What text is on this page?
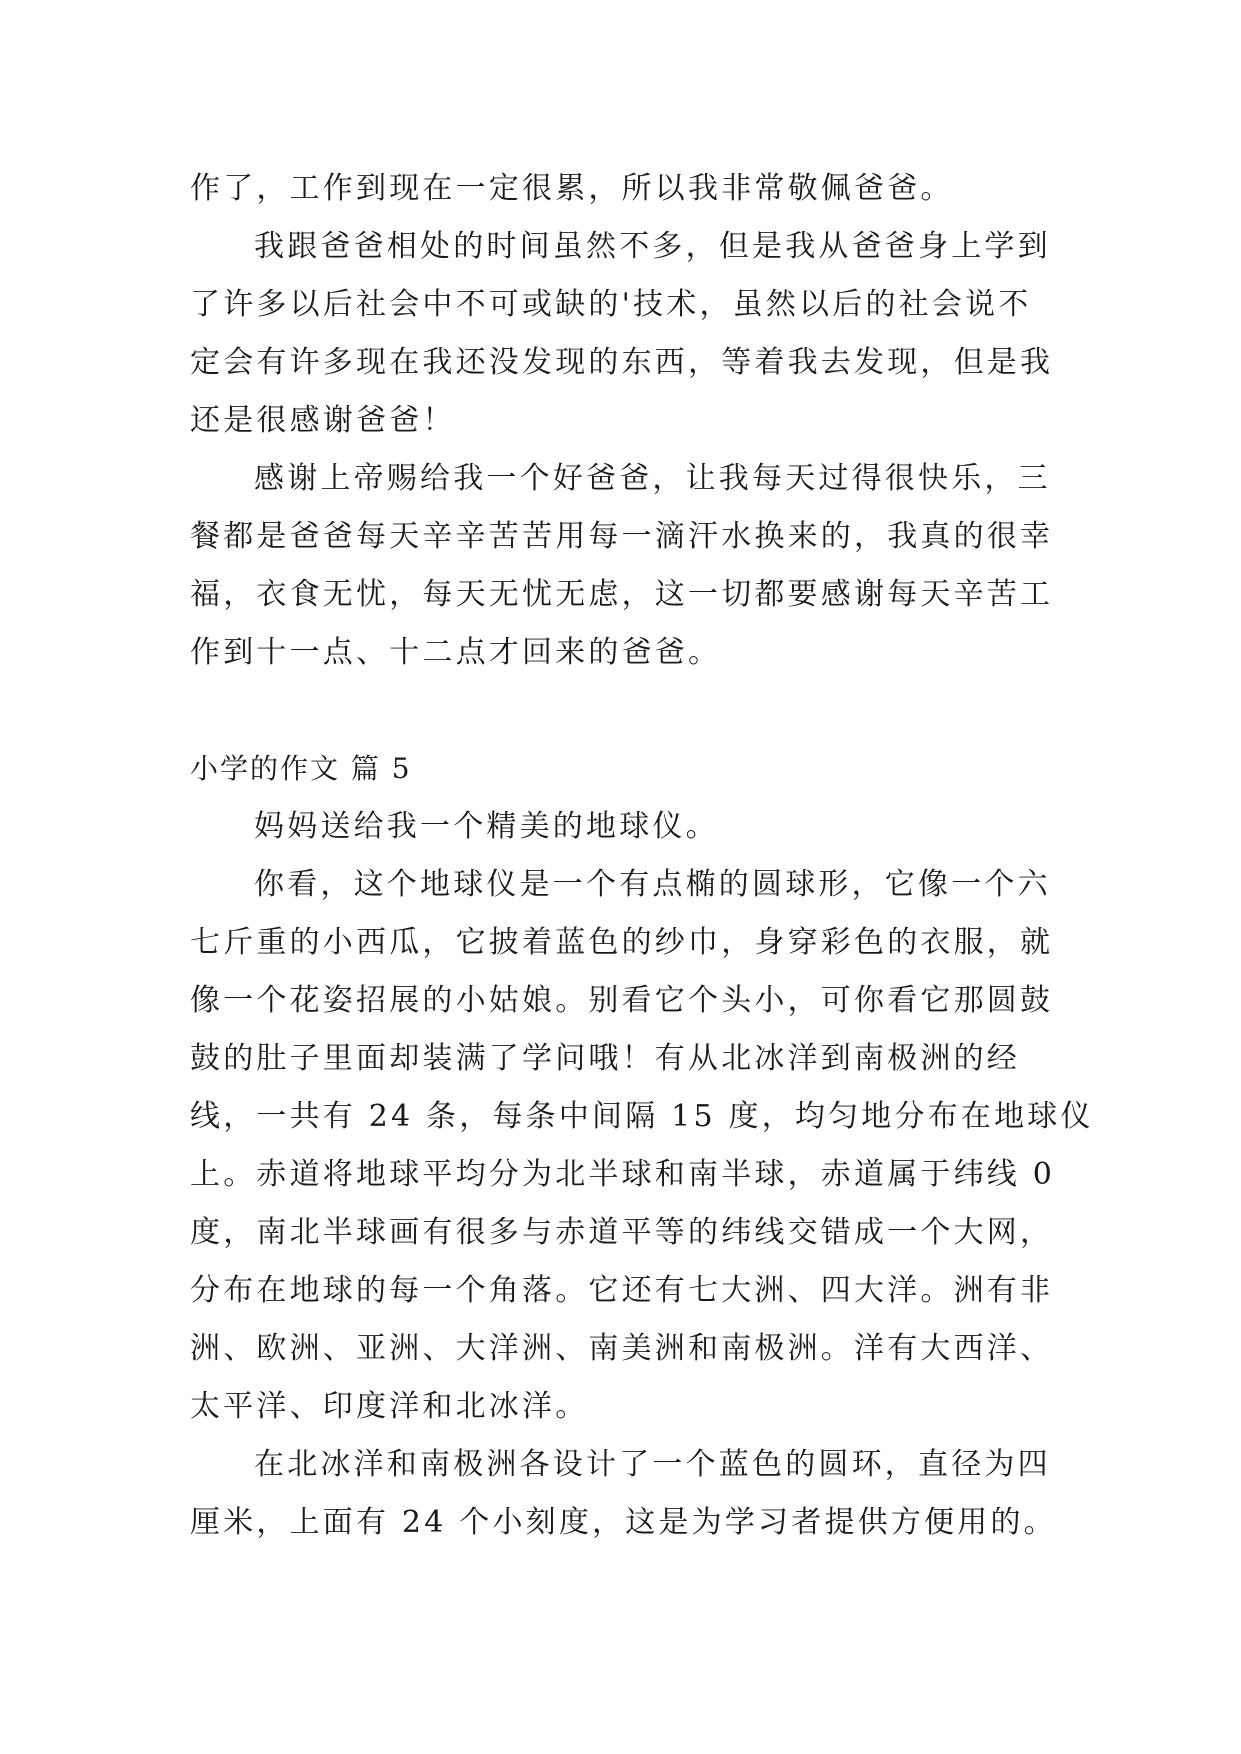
作了，工作到现在一定很累，所以我非常敬佩爸爸。
我跟爸爸相处的时间虽然不多，但是我从爸爸身上学到
了许多以后社会中不可或缺的'技术，虽然以后的社会说不
定会有许多现在我还没发现的东西，等着我去发现，但是我
还是很感谢爸爸！
感谢上帝赐给我一个好爸爸，让我每天过得很快乐，三
餐都是爸爸每天辛辛苦苦用每一滴汗水换来的，我真的很幸
福，衣食无忧，每天无忧无虑，这一切都要感谢每天辛苦工
作到十一点、十二点才回来的爸爸。
小学的作文 篇 5
妈妈送给我一个精美的地球仪。
你看，这个地球仪是一个有点椭的圆球形，它像一个六
七斤重的小西瓜，它披着蓝色的纱巾，身穿彩色的衣服，就
像一个花姿招展的小姑娘。别看它个头小，可你看它那圆鼓
鼓的肚子里面却装满了学问哦！有从北冰洋到南极洲的经
线，一共有 24 条，每条中间隔 15 度，均匀地分布在地球仪
上。赤道将地球平均分为北半球和南半球，赤道属于纬线 0
度，南北半球画有很多与赤道平等的纬线交错成一个大网，
分布在地球的每一个角落。它还有七大洲、四大洋。洲有非
洲、欧洲、亚洲、大洋洲、南美洲和南极洲。洋有大西洋、
太平洋、印度洋和北冰洋。
在北冰洋和南极洲各设计了一个蓝色的圆环，直径为四
厘米，上面有 24 个小刻度，这是为学习者提供方便用的。
